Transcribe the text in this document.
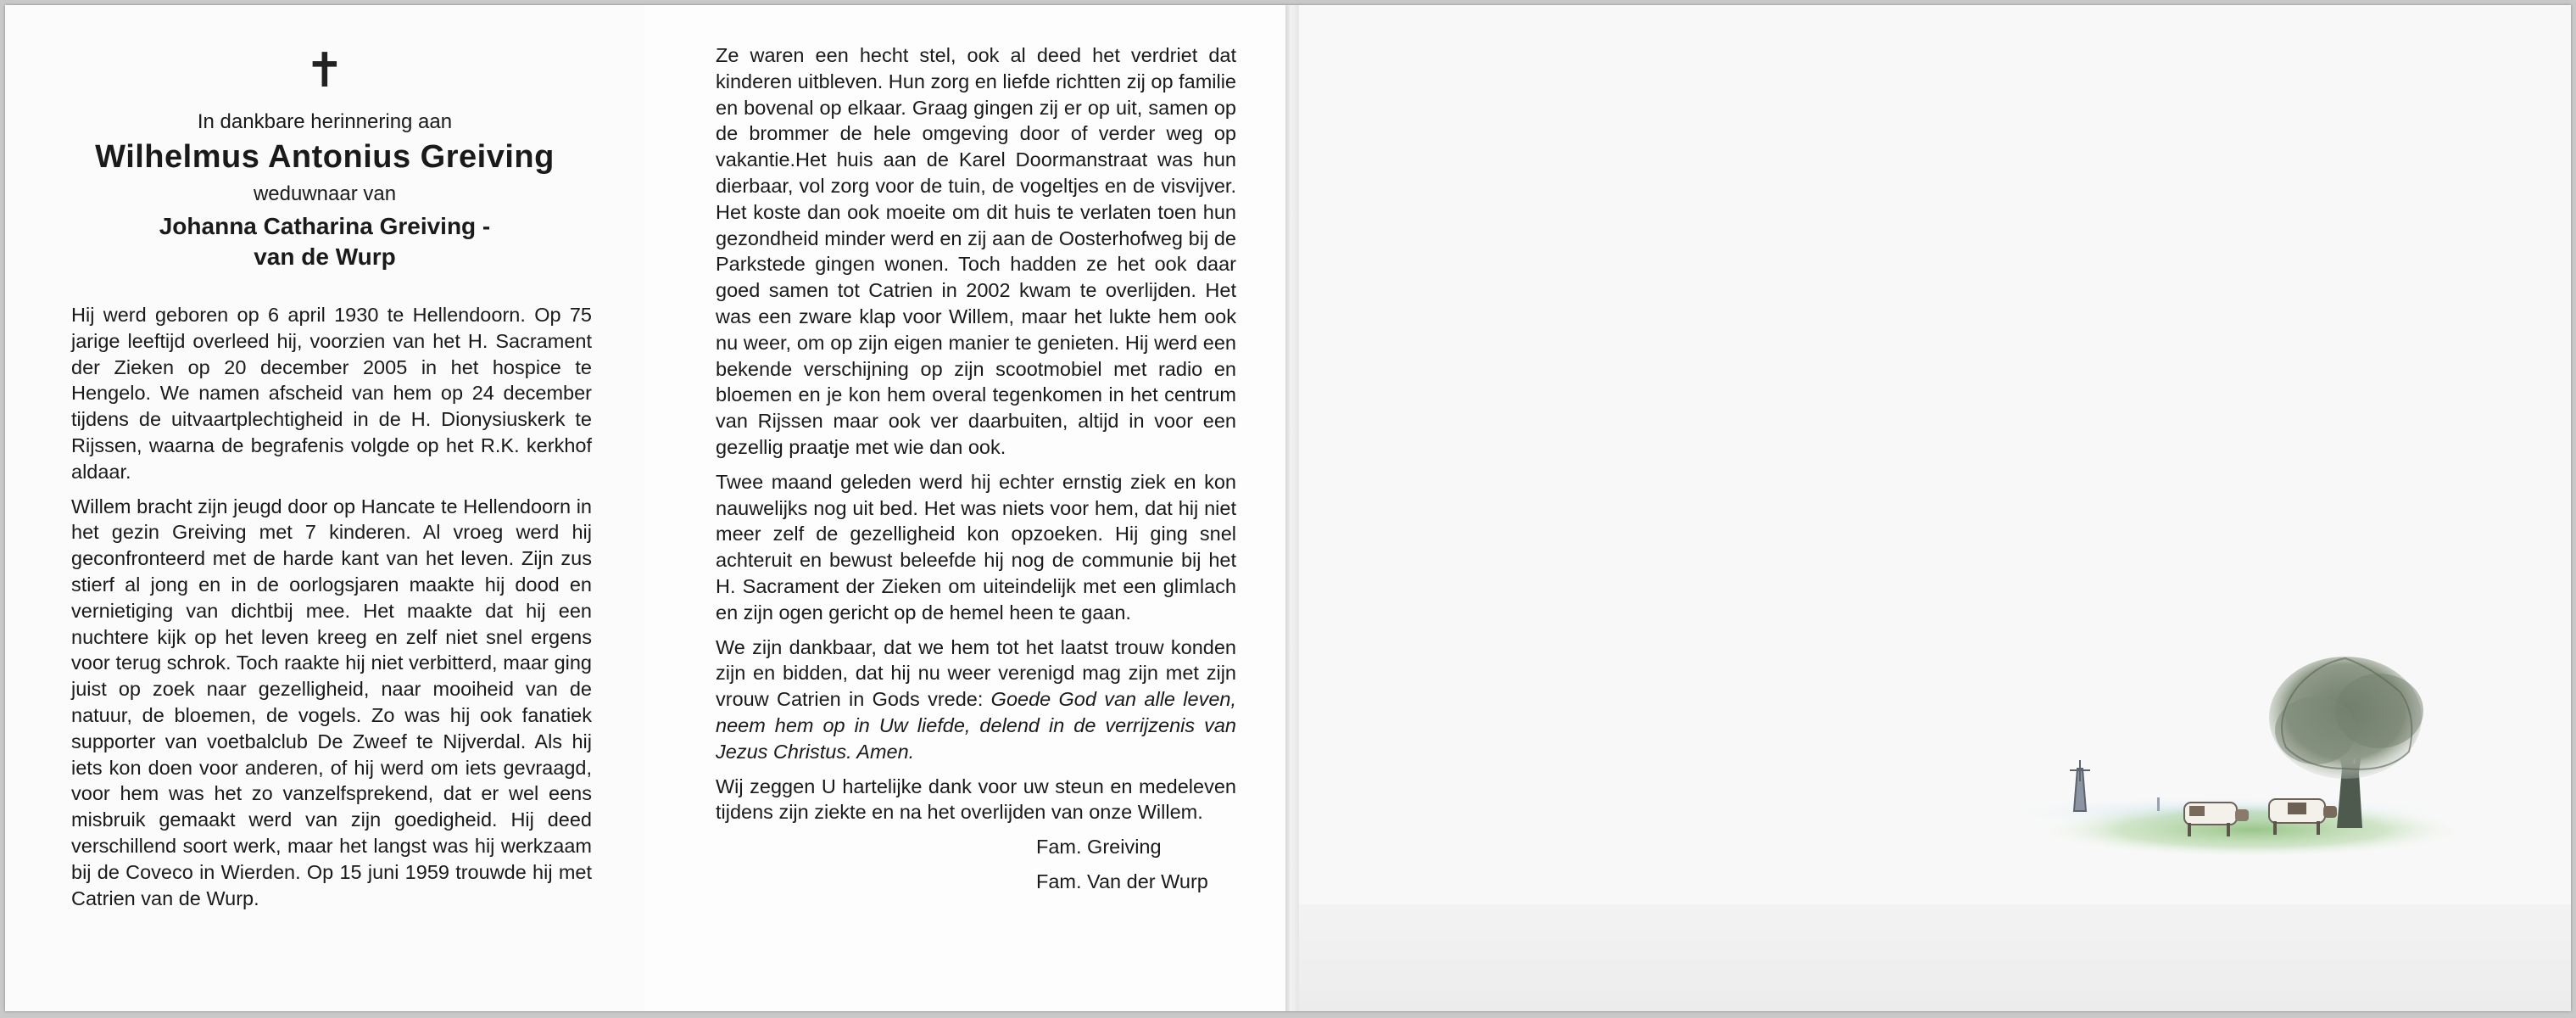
✝
In dankbare herinnering aan
Wilhelmus Antonius Greiving
weduwnaar van
Johanna Catharina Greiving -
van de Wurp

Hij werd geboren op 6 april 1930 te Hellendoorn. Op 75 jarige leeftijd overleed hij, voorzien van het H. Sacrament der Zieken op 20 december 2005 in het hospice te Hengelo. We namen afscheid van hem op 24 december tijdens de uitvaartplechtigheid in de H. Dionysiuskerk te Rijssen, waarna de begrafenis volgde op het R.K. kerkhof aldaar.

Willem bracht zijn jeugd door op Hancate te Hellendoorn in het gezin Greiving met 7 kinderen. Al vroeg werd hij geconfronteerd met de harde kant van het leven. Zijn zus stierf al jong en in de oorlogsjaren maakte hij dood en vernietiging van dichtbij mee. Het maakte dat hij een nuchtere kijk op het leven kreeg en zelf niet snel ergens voor terug schrok. Toch raakte hij niet verbitterd, maar ging juist op zoek naar gezelligheid, naar mooiheid van de natuur, de bloemen, de vogels. Zo was hij ook fanatiek supporter van voetbalclub De Zweef te Nijverdal. Als hij iets kon doen voor anderen, of hij werd om iets gevraagd, voor hem was het zo vanzelfsprekend, dat er wel eens misbruik gemaakt werd van zijn goedigheid. Hij deed verschillend soort werk, maar het langst was hij werkzaam bij de Coveco in Wierden. Op 15 juni 1959 trouwde hij met Catrien van de Wurp.

Ze waren een hecht stel, ook al deed het verdriet dat kinderen uitbleven. Hun zorg en liefde richtten zij op familie en bovenal op elkaar. Graag gingen zij er op uit, samen op de brommer de hele omgeving door of verder weg op vakantie.Het huis aan de Karel Doormanstraat was hun dierbaar, vol zorg voor de tuin, de vogeltjes en de visvijver. Het koste dan ook moeite om dit huis te verlaten toen hun gezondheid minder werd en zij aan de Oosterhofweg bij de Parkstede gingen wonen. Toch hadden ze het ook daar goed samen tot Catrien in 2002 kwam te overlijden. Het was een zware klap voor Willem, maar het lukte hem ook nu weer, om op zijn eigen manier te genieten. Hij werd een bekende verschijning op zijn scootmobiel met radio en bloemen en je kon hem overal tegenkomen in het centrum van Rijssen maar ook ver daarbuiten, altijd in voor een gezellig praatje met wie dan ook.

Twee maand geleden werd hij echter ernstig ziek en kon nauwelijks nog uit bed. Het was niets voor hem, dat hij niet meer zelf de gezelligheid kon opzoeken. Hij ging snel achteruit en bewust beleefde hij nog de communie bij het H. Sacrament der Zieken om uiteindelijk met een glimlach en zijn ogen gericht op de hemel heen te gaan.

We zijn dankbaar, dat we hem tot het laatst trouw konden zijn en bidden, dat hij nu weer verenigd mag zijn met zijn vrouw Catrien in Gods vrede: Goede God van alle leven, neem hem op in Uw liefde, delend in de verrijzenis van Jezus Christus. Amen.

Wij zeggen U hartelijke dank voor uw steun en medeleven tijdens zijn ziekte en na het overlijden van onze Willem.

Fam. Greiving

Fam. Van der Wurp
